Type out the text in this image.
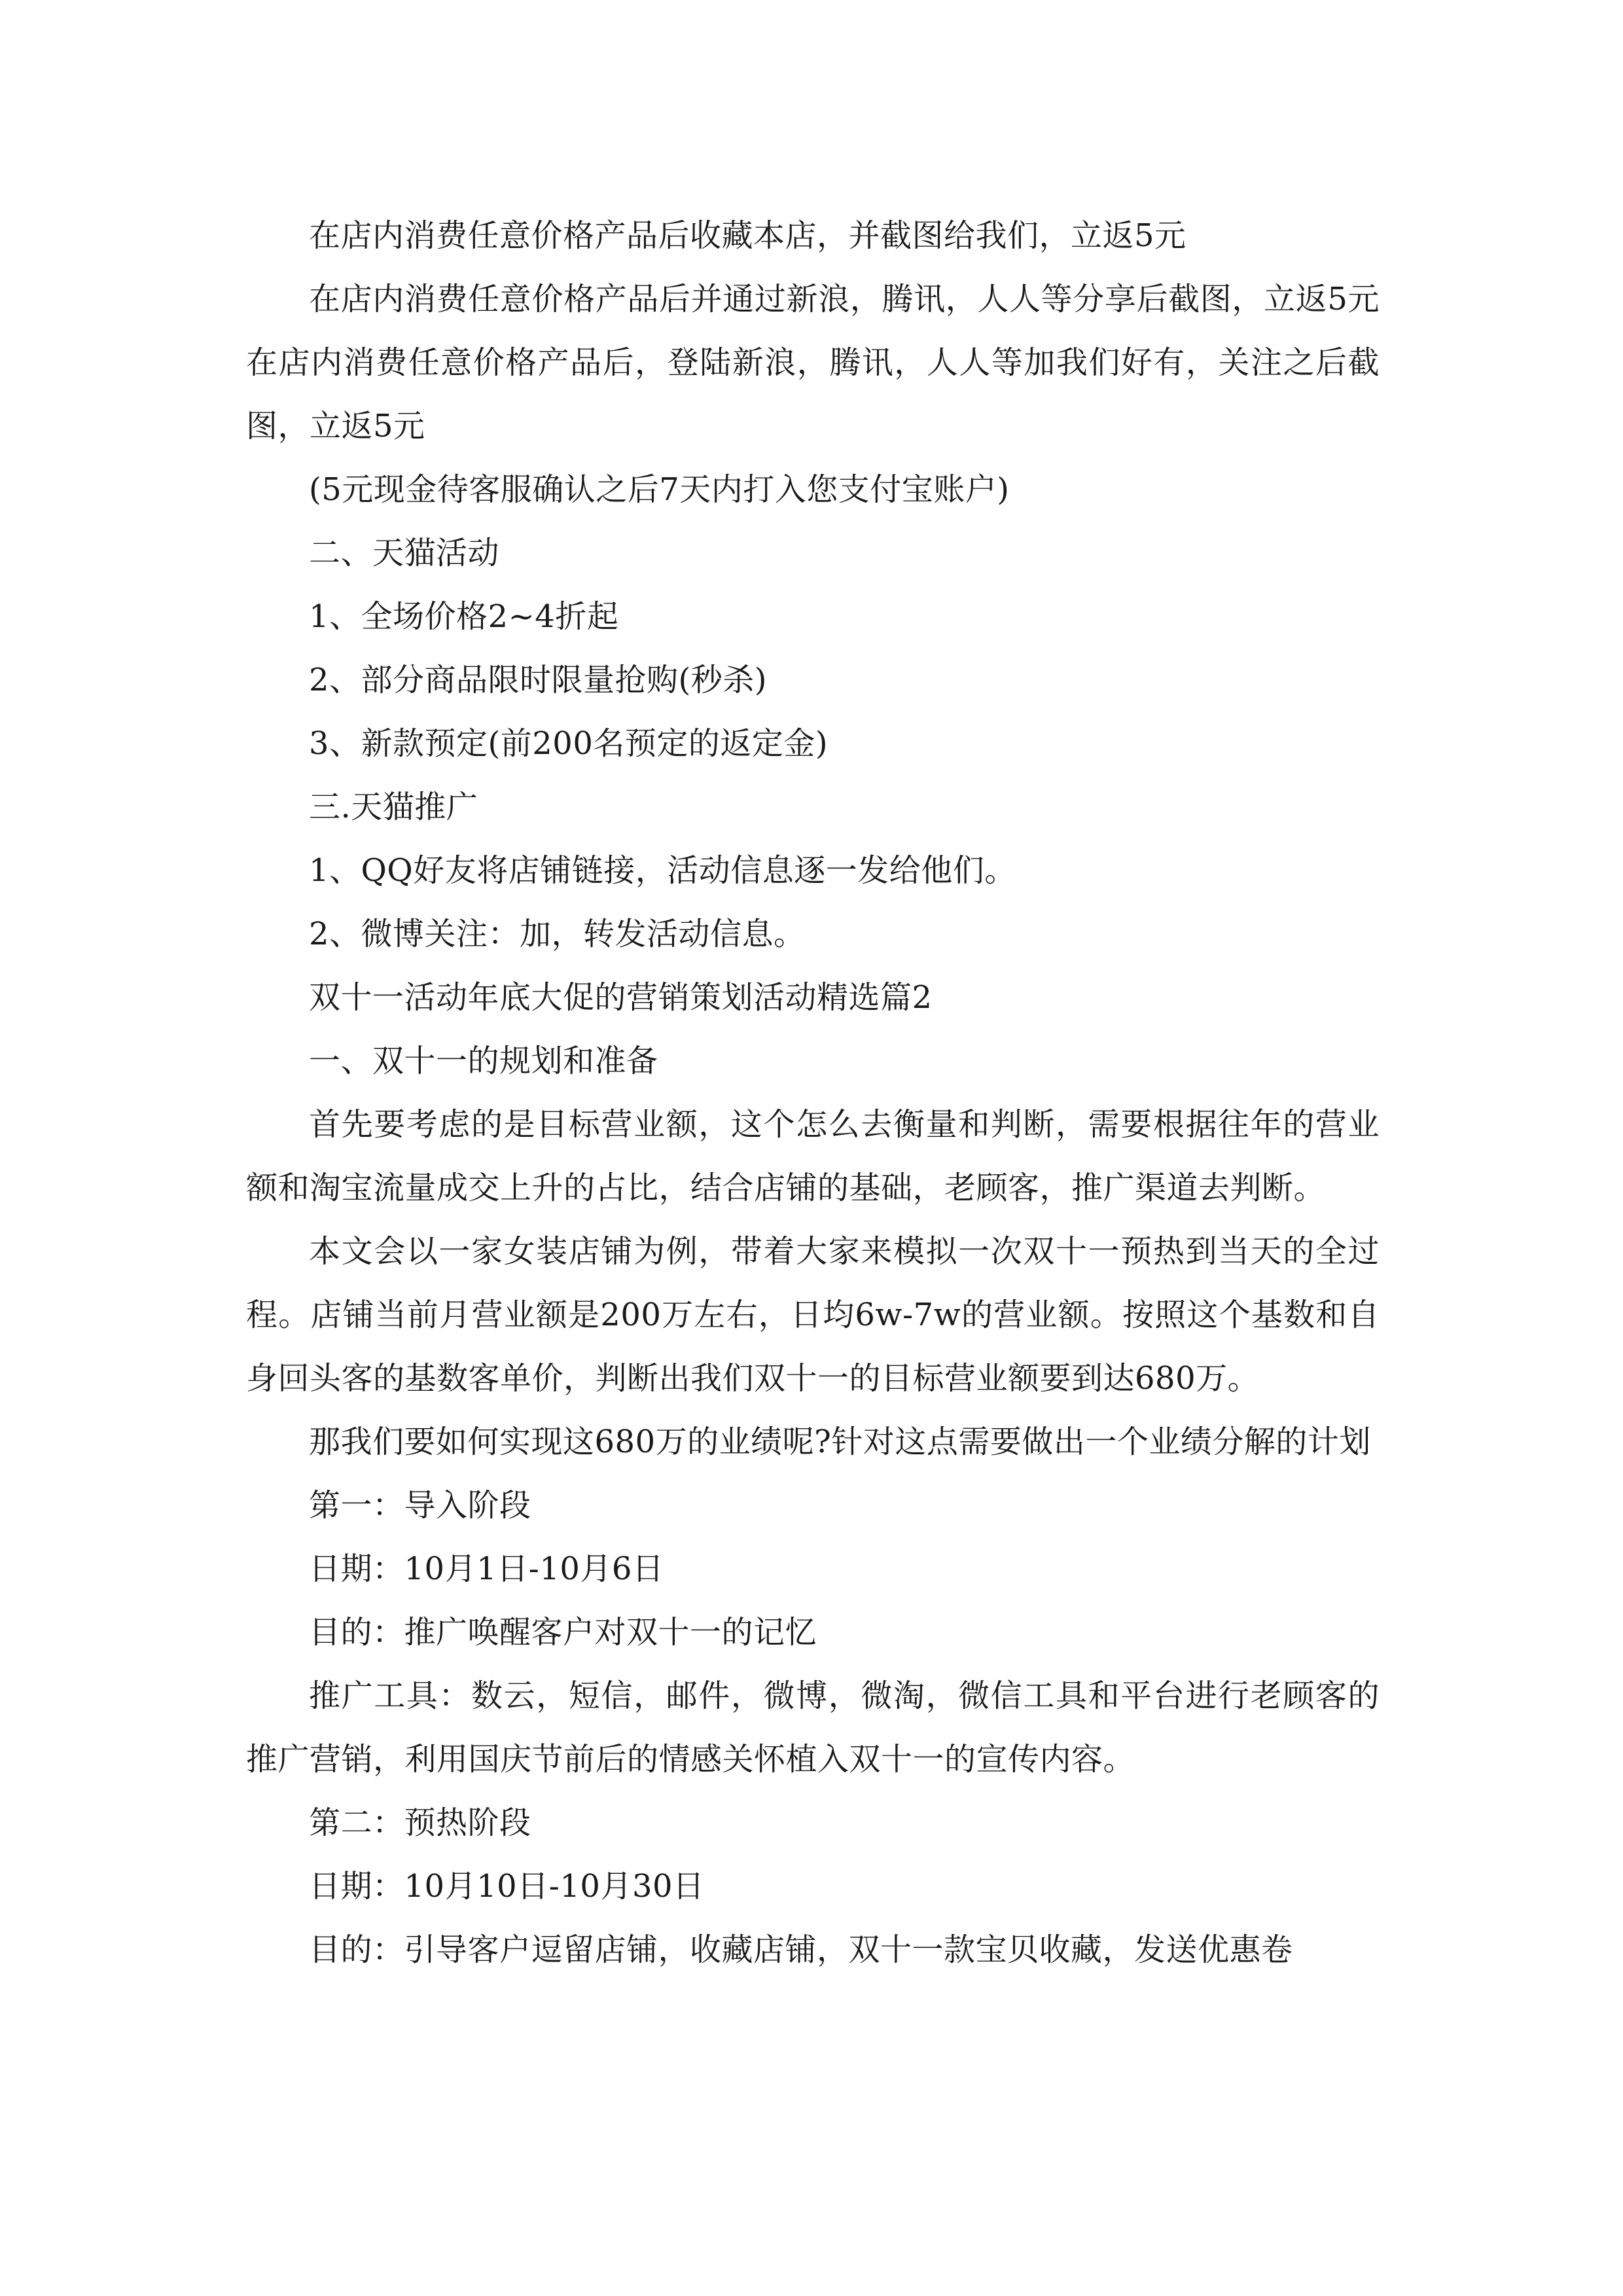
在店内消费任意价格产品后收藏本店，并截图给我们，立返5元

在店内消费任意价格产品后并通过新浪，腾讯，人人等分享后截图，立返5元在店内消费任意价格产品后，登陆新浪，腾讯，人人等加我们好有，关注之后截图，立返5元

(5元现金待客服确认之后7天内打入您支付宝账户)

二、天猫活动

1、全场价格2~4折起

2、部分商品限时限量抢购(秒杀)

3、新款预定(前200名预定的返定金)

三.天猫推广

1、QQ好友将店铺链接，活动信息逐一发给他们。

2、微博关注：加，转发活动信息。

双十一活动年底大促的营销策划活动精选篇2

一、双十一的规划和准备

首先要考虑的是目标营业额，这个怎么去衡量和判断，需要根据往年的营业额和淘宝流量成交上升的占比，结合店铺的基础，老顾客，推广渠道去判断。

本文会以一家女装店铺为例，带着大家来模拟一次双十一预热到当天的全过程。店铺当前月营业额是200万左右，日均6w-7w的营业额。按照这个基数和自身回头客的基数客单价，判断出我们双十一的目标营业额要到达680万。

那我们要如何实现这680万的业绩呢?针对这点需要做出一个业绩分解的计划

第一：导入阶段

日期：10月1日-10月6日

目的：推广唤醒客户对双十一的记忆

推广工具：数云，短信，邮件，微博，微淘，微信工具和平台进行老顾客的推广营销，利用国庆节前后的情感关怀植入双十一的宣传内容。

第二：预热阶段

日期：10月10日-10月30日

目的：引导客户逗留店铺，收藏店铺，双十一款宝贝收藏，发送优惠卷
